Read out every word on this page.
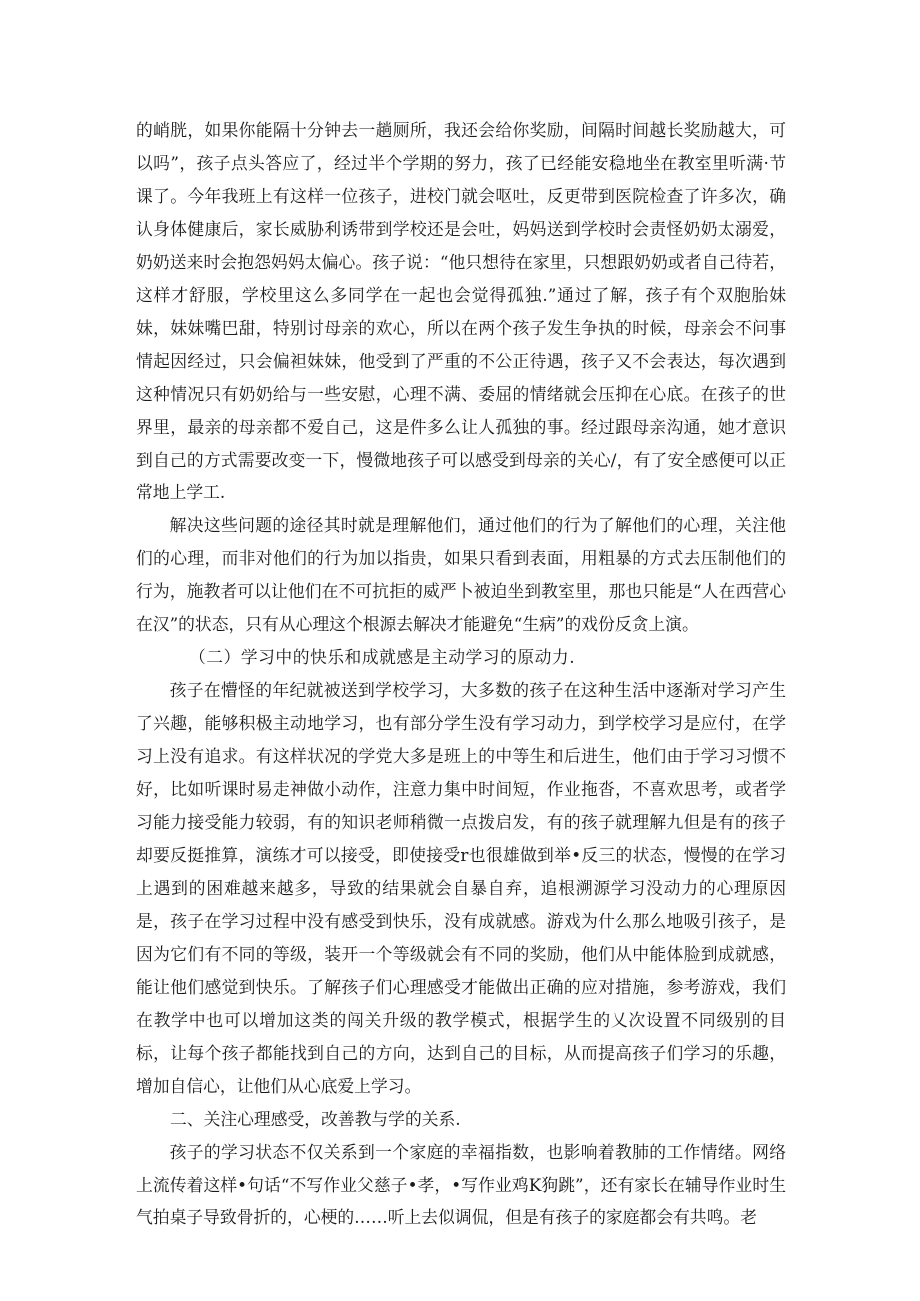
的峭胱，如果你能隔十分钟去一趟厕所，我还会给你奖励，间隔时间越长奖励越大，可以吗”，孩子点头答应了，经过半个学期的努力，孩了已经能安稳地坐在教室里听满·节课了。今年我班上有这样一位孩子，进校门就会呕吐，反更带到医院检查了许多次，确认身体健康后，家长威胁利诱带到学校还是会吐，妈妈送到学校时会责怪奶奶太溺爱，奶奶送来时会抱怨妈妈太偏心。孩子说：“他只想待在家里，只想跟奶奶或者自己待若，这样才舒服，学校里这么多同学在一起也会觉得孤独.”通过了解，孩子有个双胞胎妹妹，妹妹嘴巴甜，特别讨母亲的欢心，所以在两个孩子发生争执的时候，母亲会不问事情起因经过，只会偏袒妹妹，他受到了严重的不公正待遇，孩子又不会表达，每次遇到这种情况只有奶奶给与一些安慰，心理不满、委屈的情绪就会压抑在心底。在孩子的世界里，最亲的母亲都不爱自己，这是件多么让人孤独的事。经过跟母亲沟通，她才意识到自己的方式需要改变一下，慢微地孩子可以感受到母亲的关心/，有了安全感便可以正常地上学工.

解决这些问题的途径其时就是理解他们，通过他们的行为了解他们的心理，关注他们的心理，而非对他们的行为加以指贵，如果只看到表面，用粗暴的方式去压制他们的行为，施教者可以让他们在不可抗拒的威严卜被迫坐到教室里，那也只能是“人在西营心在汉”的状态，只有从心理这个根源去解决才能避免“生病”的戏份反贪上演。

（二）学习中的快乐和成就感是主动学习的原动力.

孩子在懵怪的年纪就被送到学校学习，大多数的孩子在这种生活中逐渐对学习产生了兴趣，能够积极主动地学习，也有部分学生没有学习动力，到学校学习是应付，在学习上没有追求。有这样状况的学党大多是班上的中等生和后进生，他们由于学习习惯不好，比如听课时易走神做小动作，注意力集中时间短，作业拖沓，不喜欢思考，或者学习能力接受能力较弱，有的知识老师稍微一点拨启发，有的孩子就理解九但是有的孩子却要反挺推算，演练才可以接受，即使接受r也很雄做到举•反三的状态，慢慢的在学习上遇到的困难越来越多，导致的结果就会自暴自弃，追根溯源学习没动力的心理原因是，孩子在学习过程中没有感受到快乐，没有成就感。游戏为什么那么地吸引孩子，是因为它们有不同的等级，装开一个等级就会有不同的奖励，他们从中能体脸到成就感，能让他们感觉到快乐。了解孩子们心理感受才能做出正确的应对措施，参考游戏，我们在教学中也可以增加这类的闯关升级的教学模式，根据学生的乂次设置不同级别的目标，让每个孩子都能找到自己的方向，达到自己的目标，从而提高孩子们学习的乐趣，增加自信心，让他们从心底爱上学习。

二、关注心理感受，改善教与学的关系.

孩子的学习状态不仅关系到一个家庭的幸福指数，也影响着教肺的工作情绪。网络上流传着这样•句话“不写作业父慈子•孝，•写作业鸡K狗跳”，还有家长在辅导作业时生气拍桌子导致骨折的，心梗的……听上去似调侃，但是有孩子的家庭都会有共鸣。老
